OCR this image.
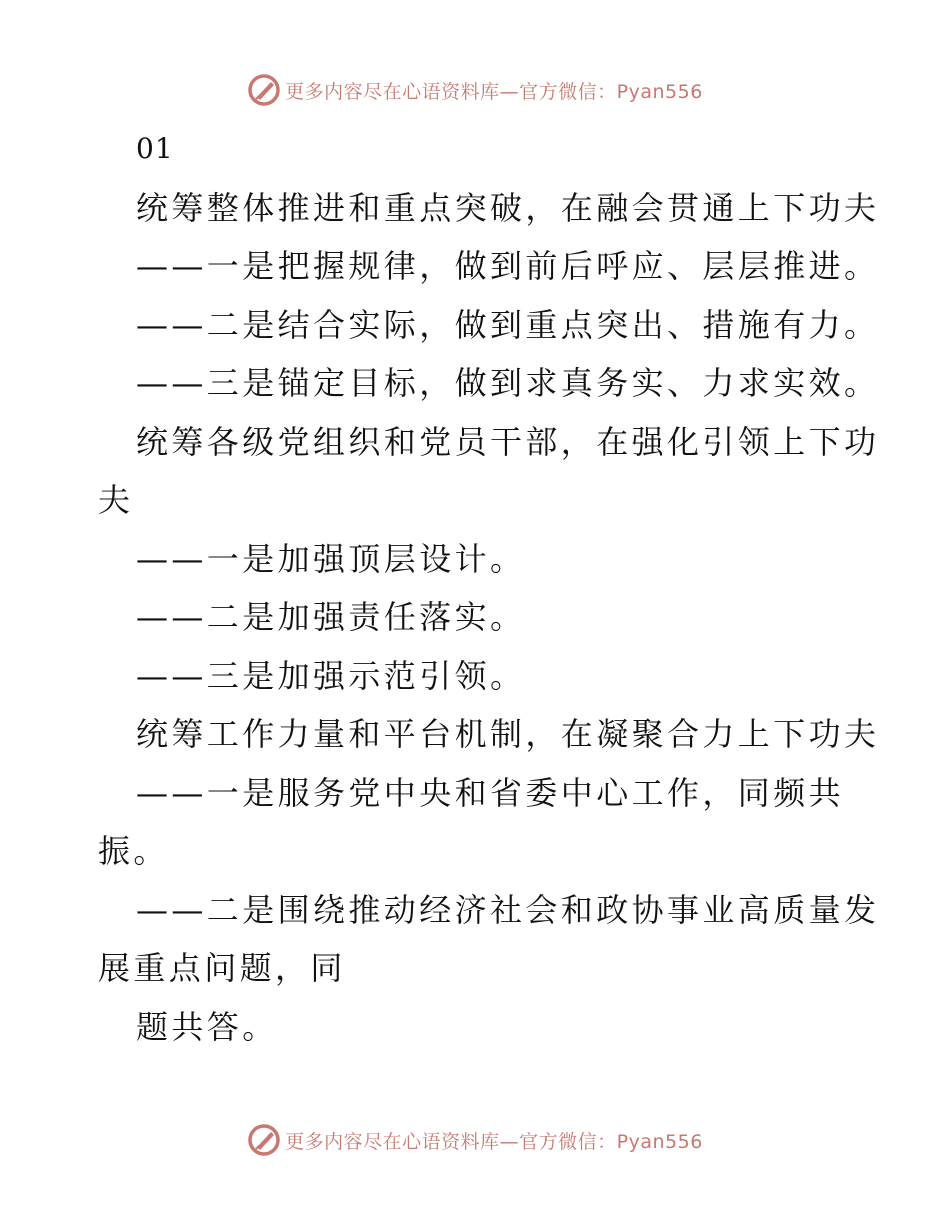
更多内容尽在心语资料库—官方微信：Pyan556
01
统筹整体推进和重点突破，在融会贯通上下功夫
——一是把握规律，做到前后呼应、层层推进。
——二是结合实际，做到重点突出、措施有力。
——三是锚定目标，做到求真务实、力求实效。
统筹各级党组织和党员干部，在强化引领上下功
夫
——一是加强顶层设计。
——二是加强责任落实。
——三是加强示范引领。
统筹工作力量和平台机制，在凝聚合力上下功夫
——一是服务党中央和省委中心工作，同频共
振。
——二是围绕推动经济社会和政协事业高质量发
展重点问题，同
题共答。
更多内容尽在心语资料库—官方微信：Pyan556
